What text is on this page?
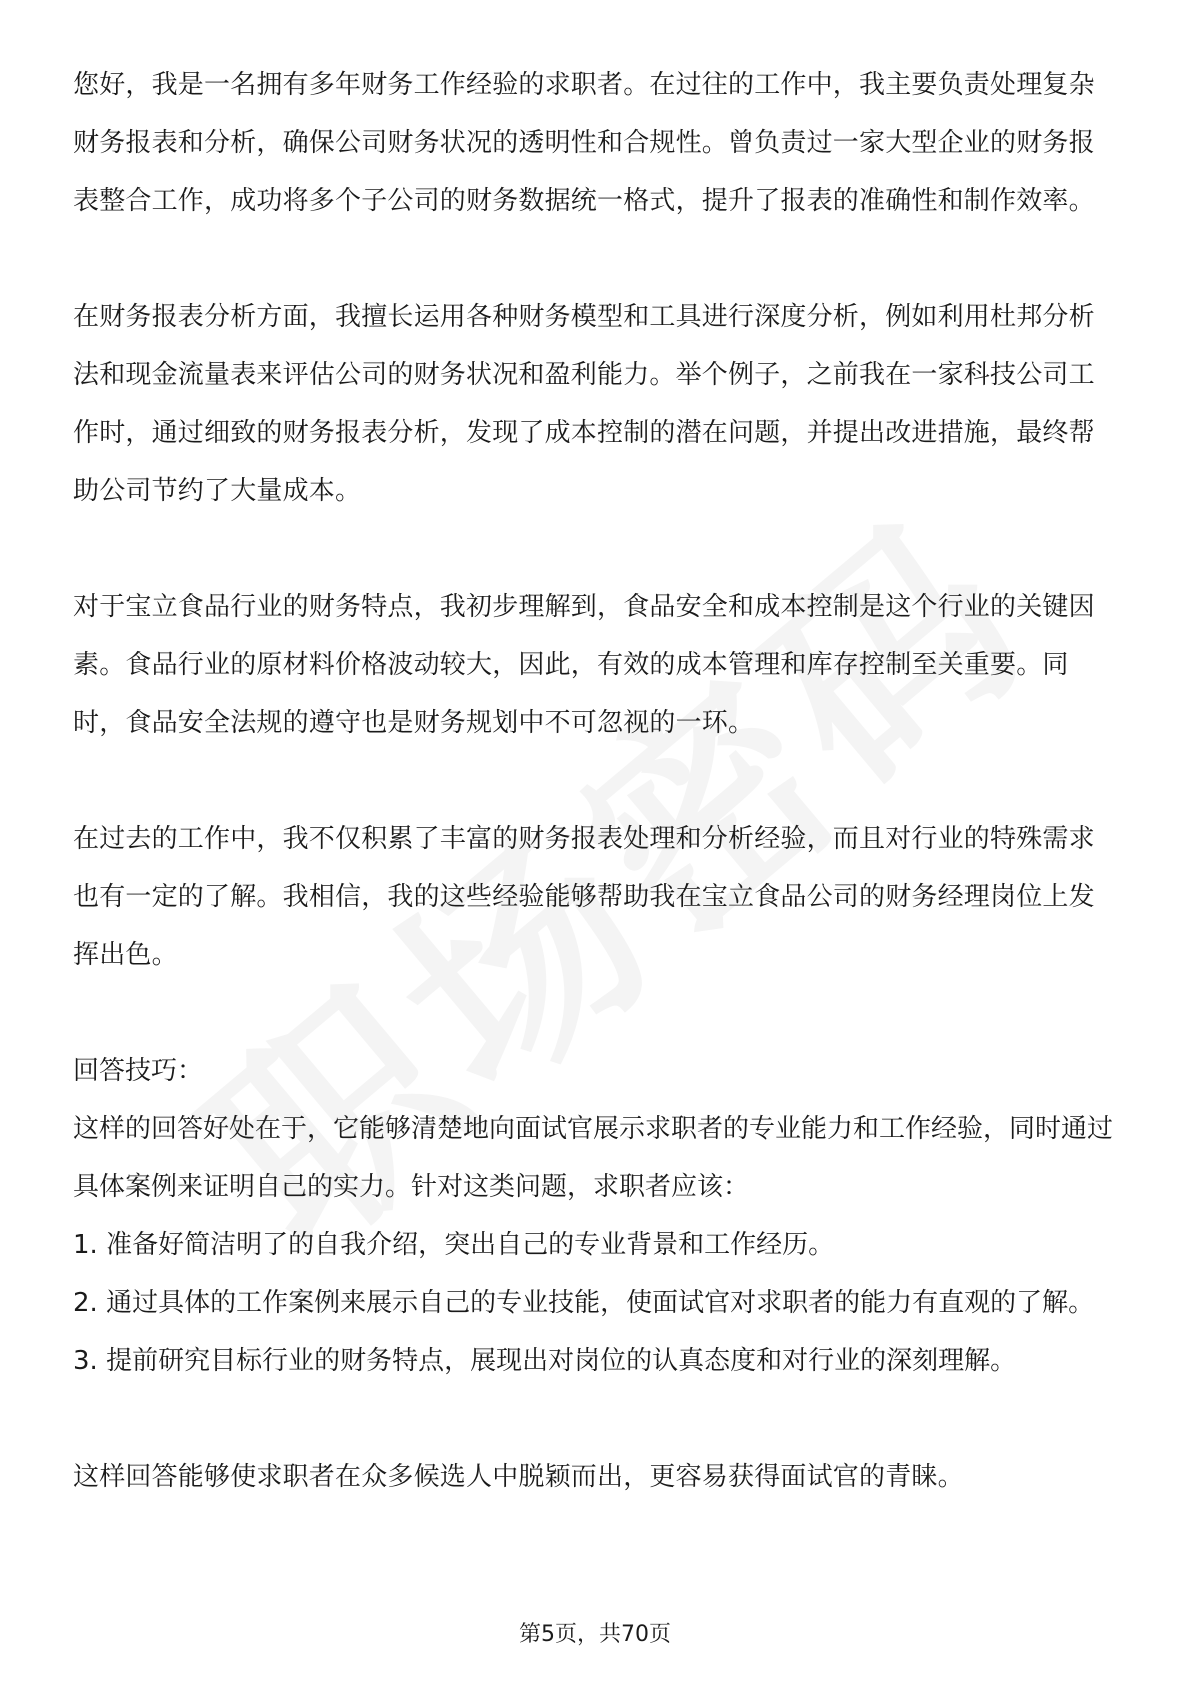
您好，我是一名拥有多年财务工作经验的求职者。在过往的工作中，我主要负责处理复杂财务报表和分析，确保公司财务状况的透明性和合规性。曾负责过一家大型企业的财务报表整合工作，成功将多个子公司的财务数据统一格式，提升了报表的准确性和制作效率。

在财务报表分析方面，我擅长运用各种财务模型和工具进行深度分析，例如利用杜邦分析法和现金流量表来评估公司的财务状况和盈利能力。举个例子，之前我在一家科技公司工作时，通过细致的财务报表分析，发现了成本控制的潜在问题，并提出改进措施，最终帮助公司节约了大量成本。

对于宝立食品行业的财务特点，我初步理解到，食品安全和成本控制是这个行业的关键因素。食品行业的原材料价格波动较大，因此，有效的成本管理和库存控制至关重要。同时，食品安全法规的遵守也是财务规划中不可忽视的一环。

在过去的工作中，我不仅积累了丰富的财务报表处理和分析经验，而且对行业的特殊需求也有一定的了解。我相信，我的这些经验能够帮助我在宝立食品公司的财务经理岗位上发挥出色。

回答技巧：

这样的回答好处在于，它能够清楚地向面试官展示求职者的专业能力和工作经验，同时通过具体案例来证明自己的实力。针对这类问题，求职者应该：

1. 准备好简洁明了的自我介绍，突出自己的专业背景和工作经历。

2. 通过具体的工作案例来展示自己的专业技能，使面试官对求职者的能力有直观的了解。

3. 提前研究目标行业的财务特点，展现出对岗位的认真态度和对行业的深刻理解。

这样回答能够使求职者在众多候选人中脱颖而出，更容易获得面试官的青睐。

第5页，共70页
